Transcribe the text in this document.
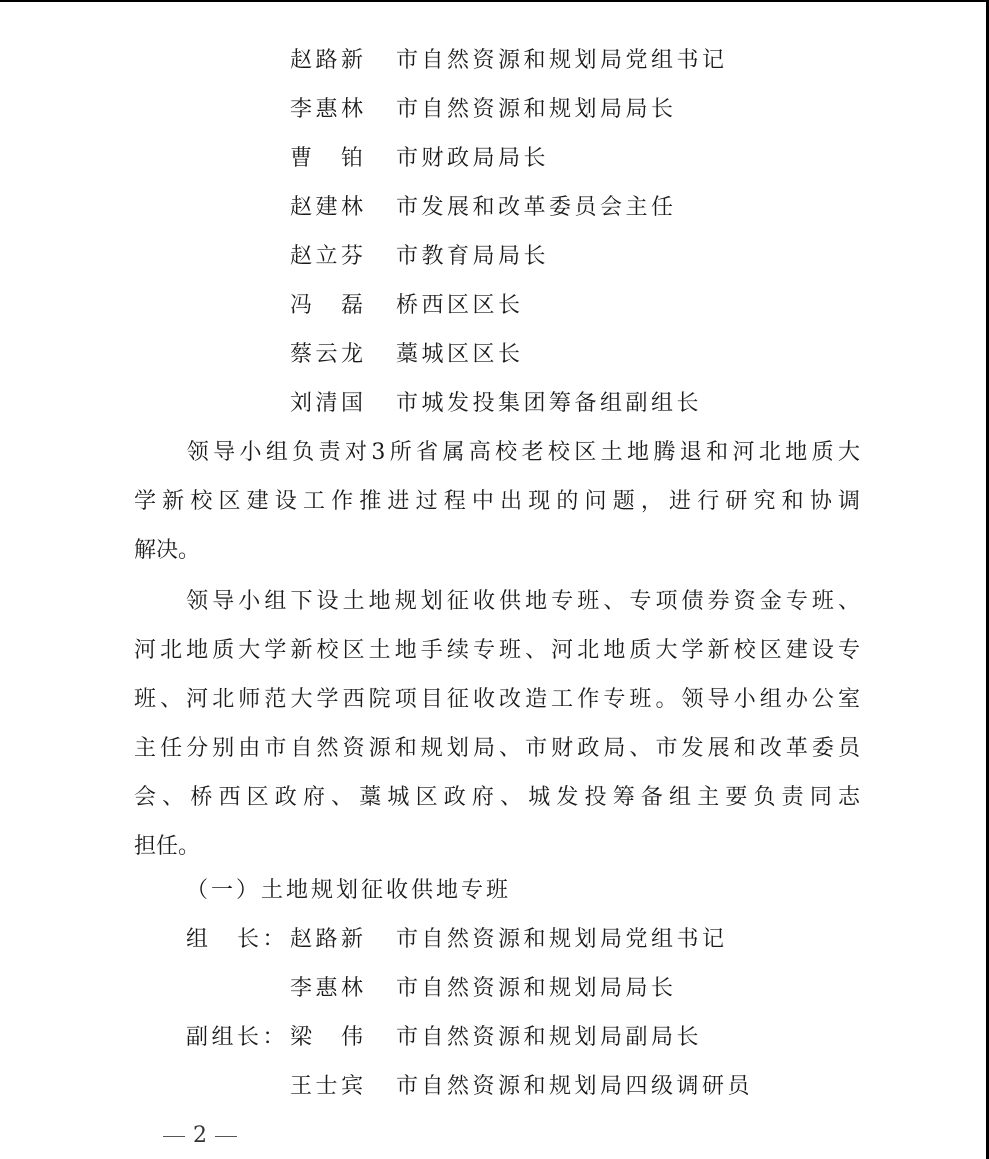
赵路新 市自然资源和规划局党组书记
李惠林 市自然资源和规划局局长
曹　铂 市财政局局长
赵建林 市发展和改革委员会主任
赵立芬 市教育局局长
冯　磊 桥西区区长
蔡云龙 藁城区区长
刘清国 市城发投集团筹备组副组长
　　领导小组负责对3所省属高校老校区土地腾退和河北地质大
学新校区建设工作推进过程中出现的问题，进行研究和协调
解决。
　　领导小组下设土地规划征收供地专班、专项债券资金专班、
河北地质大学新校区土地手续专班、河北地质大学新校区建设专
班、河北师范大学西院项目征收改造工作专班。领导小组办公室
主任分别由市自然资源和规划局、市财政局、市发展和改革委员
会、桥西区政府、藁城区政府、城发投筹备组主要负责同志
担任。
（一）土地规划征收供地专班
组　长： 赵路新 市自然资源和规划局党组书记
李惠林 市自然资源和规划局局长
副组长： 梁　伟 市自然资源和规划局副局长
王士宾 市自然资源和规划局四级调研员
2
